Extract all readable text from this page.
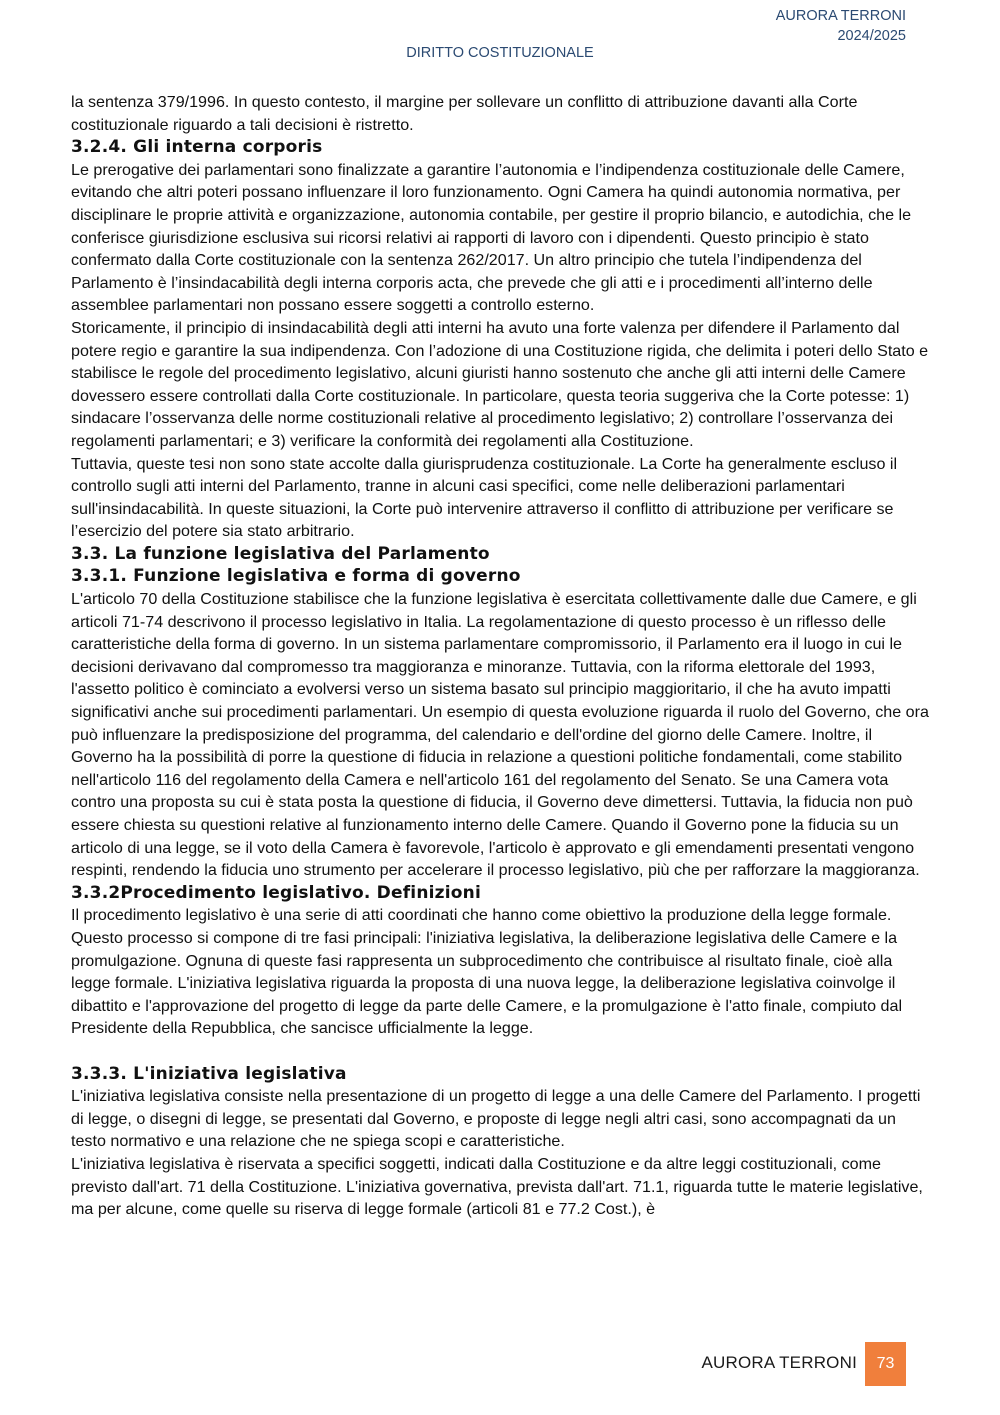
AURORA TERRONI
2024/2025
DIRITTO COSTITUZIONALE

la sentenza 379/1996. In questo contesto, il margine per sollevare un conflitto di attribuzione davanti alla Corte costituzionale riguardo a tali decisioni è ristretto.

3.2.4. Gli interna corporis

Le prerogative dei parlamentari sono finalizzate a garantire l’autonomia e l’indipendenza costituzionale delle Camere, evitando che altri poteri possano influenzare il loro funzionamento. Ogni Camera ha quindi autonomia normativa, per disciplinare le proprie attività e organizzazione, autonomia contabile, per gestire il proprio bilancio, e autodichia, che le conferisce giurisdizione esclusiva sui ricorsi relativi ai rapporti di lavoro con i dipendenti. Questo principio è stato confermato dalla Corte costituzionale con la sentenza 262/2017. Un altro principio che tutela l’indipendenza del Parlamento è l’insindacabilità degli interna corporis acta, che prevede che gli atti e i procedimenti all’interno delle assemblee parlamentari non possano essere soggetti a controllo esterno.

Storicamente, il principio di insindacabilità degli atti interni ha avuto una forte valenza per difendere il Parlamento dal potere regio e garantire la sua indipendenza. Con l’adozione di una Costituzione rigida, che delimita i poteri dello Stato e stabilisce le regole del procedimento legislativo, alcuni giuristi hanno sostenuto che anche gli atti interni delle Camere dovessero essere controllati dalla Corte costituzionale. In particolare, questa teoria suggeriva che la Corte potesse: 1) sindacare l’osservanza delle norme costituzionali relative al procedimento legislativo; 2) controllare l’osservanza dei regolamenti parlamentari; e 3) verificare la conformità dei regolamenti alla Costituzione.

Tuttavia, queste tesi non sono state accolte dalla giurisprudenza costituzionale. La Corte ha generalmente escluso il controllo sugli atti interni del Parlamento, tranne in alcuni casi specifici, come nelle deliberazioni parlamentari sull'insindacabilità. In queste situazioni, la Corte può intervenire attraverso il conflitto di attribuzione per verificare se l’esercizio del potere sia stato arbitrario.

3.3. La funzione legislativa del Parlamento
3.3.1. Funzione legislativa e forma di governo

L'articolo 70 della Costituzione stabilisce che la funzione legislativa è esercitata collettivamente dalle due Camere, e gli articoli 71-74 descrivono il processo legislativo in Italia. La regolamentazione di questo processo è un riflesso delle caratteristiche della forma di governo. In un sistema parlamentare compromissorio, il Parlamento era il luogo in cui le decisioni derivavano dal compromesso tra maggioranza e minoranze. Tuttavia, con la riforma elettorale del 1993, l'assetto politico è cominciato a evolversi verso un sistema basato sul principio maggioritario, il che ha avuto impatti significativi anche sui procedimenti parlamentari. Un esempio di questa evoluzione riguarda il ruolo del Governo, che ora può influenzare la predisposizione del programma, del calendario e dell'ordine del giorno delle Camere. Inoltre, il Governo ha la possibilità di porre la questione di fiducia in relazione a questioni politiche fondamentali, come stabilito nell'articolo 116 del regolamento della Camera e nell'articolo 161 del regolamento del Senato. Se una Camera vota contro una proposta su cui è stata posta la questione di fiducia, il Governo deve dimettersi. Tuttavia, la fiducia non può essere chiesta su questioni relative al funzionamento interno delle Camere. Quando il Governo pone la fiducia su un articolo di una legge, se il voto della Camera è favorevole, l'articolo è approvato e gli emendamenti presentati vengono respinti, rendendo la fiducia uno strumento per accelerare il processo legislativo, più che per rafforzare la maggioranza.

3.3.2Procedimento legislativo. Definizioni

Il procedimento legislativo è una serie di atti coordinati che hanno come obiettivo la produzione della legge formale. Questo processo si compone di tre fasi principali: l'iniziativa legislativa, la deliberazione legislativa delle Camere e la promulgazione. Ognuna di queste fasi rappresenta un subprocedimento che contribuisce al risultato finale, cioè alla legge formale. L'iniziativa legislativa riguarda la proposta di una nuova legge, la deliberazione legislativa coinvolge il dibattito e l'approvazione del progetto di legge da parte delle Camere, e la promulgazione è l'atto finale, compiuto dal Presidente della Repubblica, che sancisce ufficialmente la legge.

3.3.3. L'iniziativa legislativa

L'iniziativa legislativa consiste nella presentazione di un progetto di legge a una delle Camere del Parlamento. I progetti di legge, o disegni di legge, se presentati dal Governo, e proposte di legge negli altri casi, sono accompagnati da un testo normativo e una relazione che ne spiega scopi e caratteristiche.

L'iniziativa legislativa è riservata a specifici soggetti, indicati dalla Costituzione e da altre leggi costituzionali, come previsto dall'art. 71 della Costituzione. L'iniziativa governativa, prevista dall'art. 71.1, riguarda tutte le materie legislative, ma per alcune, come quelle su riserva di legge formale (articoli 81 e 77.2 Cost.), è

AURORA TERRONI	73
